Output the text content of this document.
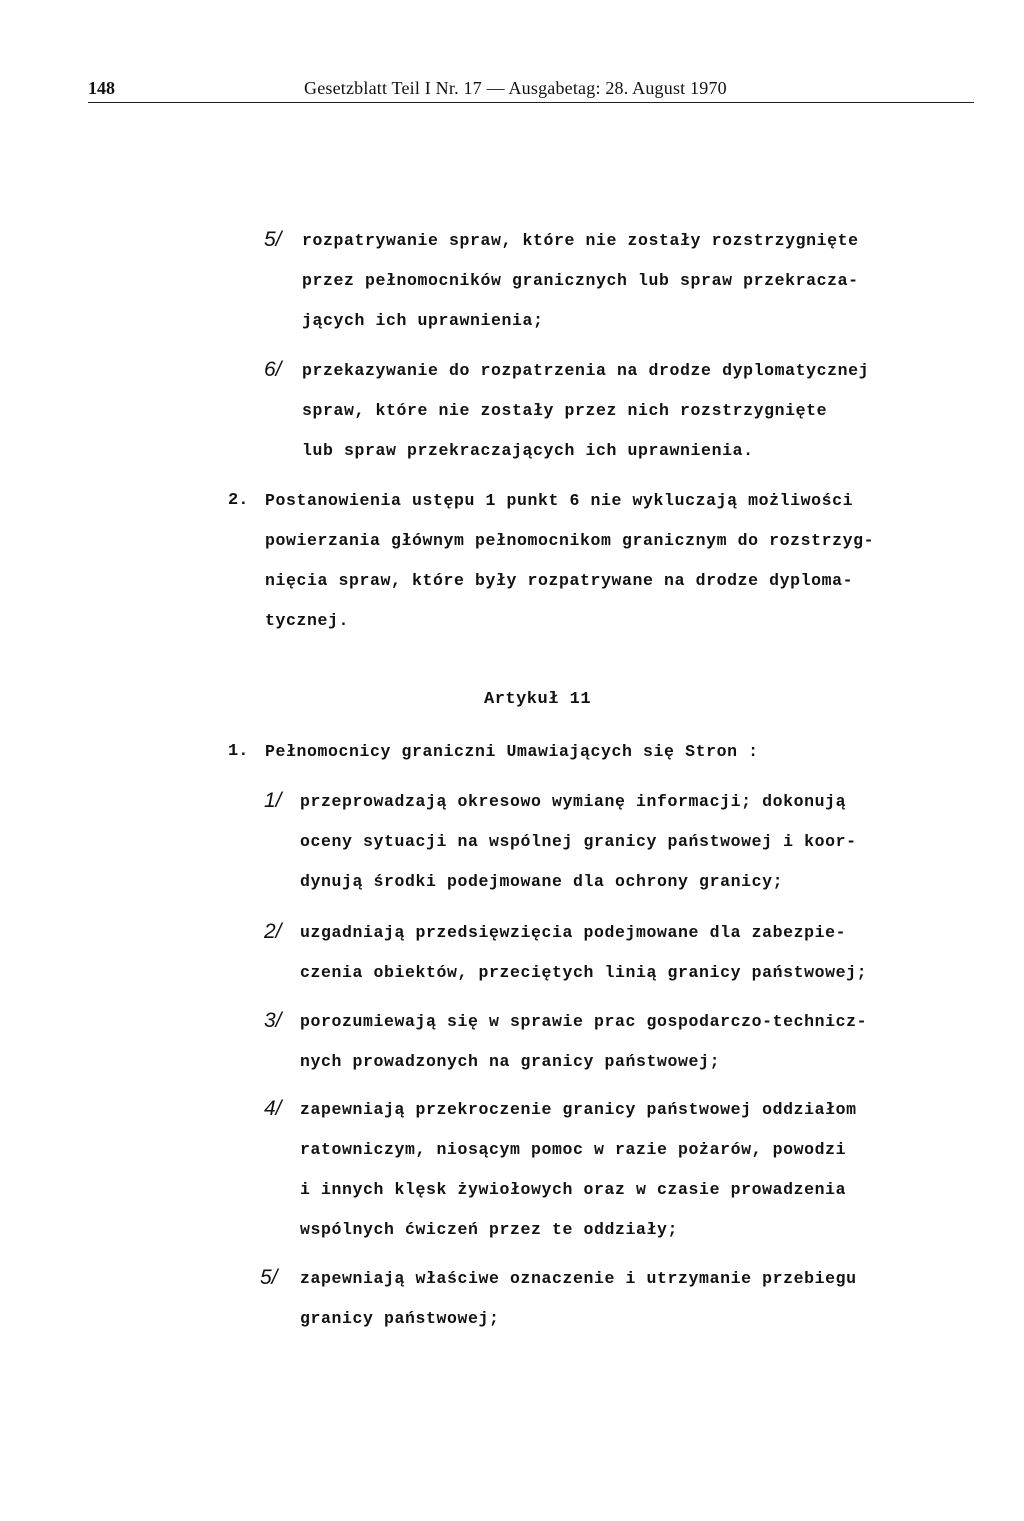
148	Gesetzblatt Teil I Nr. 17 — Ausgabetag: 28. August 1970
5/ rozpatrywanie spraw, które nie zostały rozstrzygnięte
przez pełnomocników granicznych lub spraw przekracza-
jących ich uprawnienia;
6/ przekazywanie do rozpatrzenia na drodze dyplomatycznej
spraw, które nie zostały przez nich rozstrzygnięte
lub spraw przekraczających ich uprawnienia.
2. Postanowienia ustępu 1 punkt 6 nie wykluczają możliwości
powierzania głównym pełnomocnikom granicznym do rozstrzyg-
nięcia spraw, które były rozpatrywane na drodze dyplomа-
tycznej.
Artykuł 11
1. Pełnomocnicy graniczni Umawiających się Stron :
1/ przeprowadzają okresowo wymianę informacji; dokonują
oceny sytuacji na wspólnej granicy państwowej i koor-
dynują środki podejmowane dla ochrony granicy;
2/ uzgadniają przedsięwzięcia podejmowane dla zabezpie-
czenia obiektów, przeciętych linią granicy państwowej;
3/ porozumiewają się w sprawie prac gospodarczo-technicz-
nych prowadzonych na granicy państwowej;
4/ zapewniają przekroczenie granicy państwowej oddziałom
ratowniczym, niosącym pomoc w razie pożarów, powodzi
i innych klęsk żywiołowych oraz w czasie prowadzenia
wspólnych ćwiczeń przez te oddziały;
5/ zapewniają właściwe oznaczenie i utrzymanie przebiegu
granicy państwowej;
